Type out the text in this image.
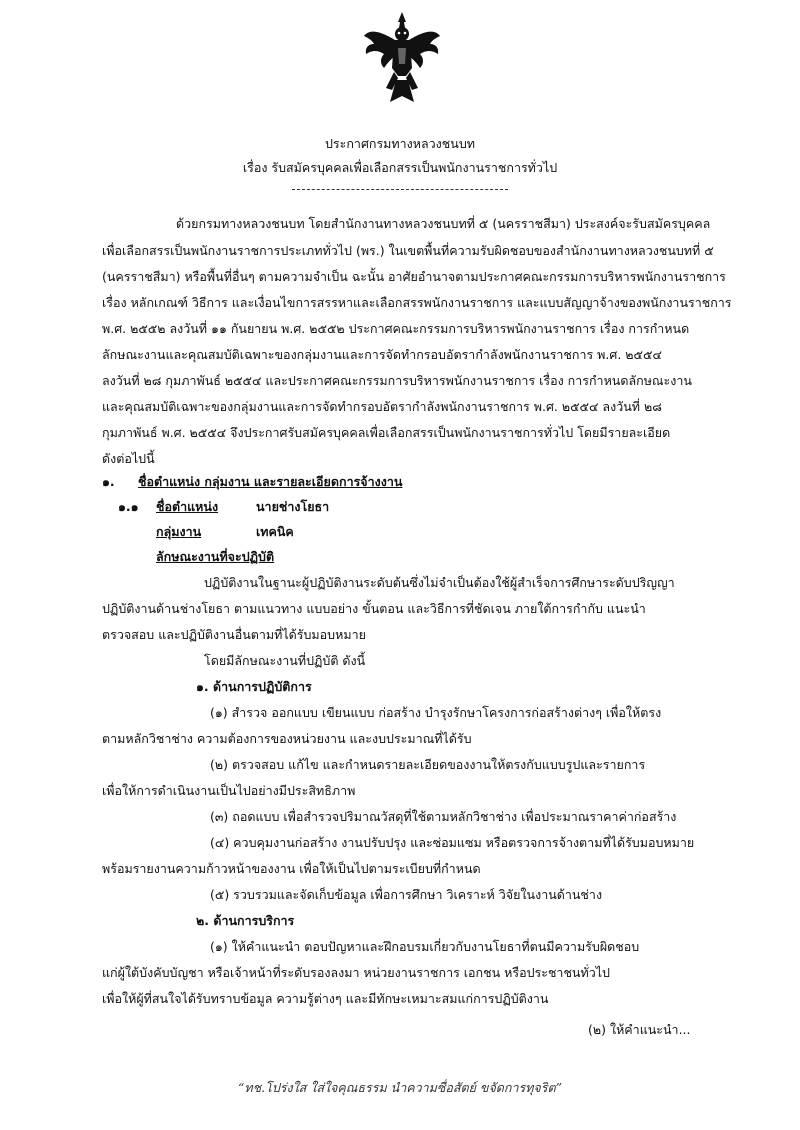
ประกาศกรมทางหลวงชนบท
เรื่อง รับสมัครบุคคลเพื่อเลือกสรรเป็นพนักงานราชการทั่วไป
ด้วยกรมทางหลวงชนบท โดยสำนักงานทางหลวงชนบทที่ ๕ (นครราชสีมา) ประสงค์จะรับสมัครบุคคล
เพื่อเลือกสรรเป็นพนักงานราชการประเภททั่วไป (พร.) ในเขตพื้นที่ความรับผิดชอบของสำนักงานทางหลวงชนบทที่ ๕
(นครราชสีมา) หรือพื้นที่อื่นๆ ตามความจำเป็น ฉะนั้น อาศัยอำนาจตามประกาศคณะกรรมการบริหารพนักงานราชการ
เรื่อง หลักเกณฑ์ วิธีการ และเงื่อนไขการสรรหาและเลือกสรรพนักงานราชการ และแบบสัญญาจ้างของพนักงานราชการ
พ.ศ. ๒๕๕๒ ลงวันที่ ๑๑ กันยายน พ.ศ. ๒๕๕๒ ประกาศคณะกรรมการบริหารพนักงานราชการ เรื่อง การกำหนด
ลักษณะงานและคุณสมบัติเฉพาะของกลุ่มงานและการจัดทำกรอบอัตรากำลังพนักงานราชการ พ.ศ. ๒๕๕๔
ลงวันที่ ๒๘ กุมภาพันธ์ ๒๕๕๔ และประกาศคณะกรรมการบริหารพนักงานราชการ เรื่อง การกำหนดลักษณะงาน
และคุณสมบัติเฉพาะของกลุ่มงานและการจัดทำกรอบอัตรากำลังพนักงานราชการ พ.ศ. ๒๕๕๔ ลงวันที่ ๒๘
กุมภาพันธ์ พ.ศ. ๒๕๕๔ จึงประกาศรับสมัครบุคคลเพื่อเลือกสรรเป็นพนักงานราชการทั่วไป โดยมีรายละเอียด
ดังต่อไปนี้
๑. ชื่อตำแหน่ง กลุ่มงาน และรายละเอียดการจ้างงาน
๑.๑ ชื่อตำแหน่ง	นายช่างโยธา
กลุ่มงาน	เทคนิค
ลักษณะงานที่จะปฏิบัติ
ปฏิบัติงานในฐานะผู้ปฏิบัติงานระดับต้นซึ่งไม่จำเป็นต้องใช้ผู้สำเร็จการศึกษาระดับปริญญา
ปฏิบัติงานด้านช่างโยธา ตามแนวทาง แบบอย่าง ขั้นตอน และวิธีการที่ชัดเจน ภายใต้การกำกับ แนะนำ
ตรวจสอบ และปฏิบัติงานอื่นตามที่ได้รับมอบหมาย
โดยมีลักษณะงานที่ปฏิบัติ ดังนี้
๑. ด้านการปฏิบัติการ
(๑) สำรวจ ออกแบบ เขียนแบบ ก่อสร้าง บำรุงรักษาโครงการก่อสร้างต่างๆ เพื่อให้ตรง
ตามหลักวิชาช่าง ความต้องการของหน่วยงาน และงบประมาณที่ได้รับ
(๒) ตรวจสอบ แก้ไข และกำหนดรายละเอียดของงานให้ตรงกับแบบรูปและรายการ
เพื่อให้การดำเนินงานเป็นไปอย่างมีประสิทธิภาพ
(๓) ถอดแบบ เพื่อสำรวจปริมาณวัสดุที่ใช้ตามหลักวิชาช่าง เพื่อประมาณราคาค่าก่อสร้าง
(๔) ควบคุมงานก่อสร้าง งานปรับปรุง และซ่อมแซม หรือตรวจการจ้างตามที่ได้รับมอบหมาย
พร้อมรายงานความก้าวหน้าของงาน เพื่อให้เป็นไปตามระเบียบที่กำหนด
(๕) รวบรวมและจัดเก็บข้อมูล เพื่อการศึกษา วิเคราะห์ วิจัยในงานด้านช่าง
๒. ด้านการบริการ
(๑) ให้คำแนะนำ ตอบปัญหาและฝึกอบรมเกี่ยวกับงานโยธาที่ตนมีความรับผิดชอบ
แก่ผู้ใต้บังคับบัญชา หรือเจ้าหน้าที่ระดับรองลงมา หน่วยงานราชการ เอกชน หรือประชาชนทั่วไป
เพื่อให้ผู้ที่สนใจได้รับทราบข้อมูล ความรู้ต่างๆ และมีทักษะเหมาะสมแก่การปฏิบัติงาน
(๒) ให้คำแนะนำ...
“ทช.โปร่งใส ใส่ใจคุณธรรม นำความซื่อสัตย์ ขจัดการทุจริต”
